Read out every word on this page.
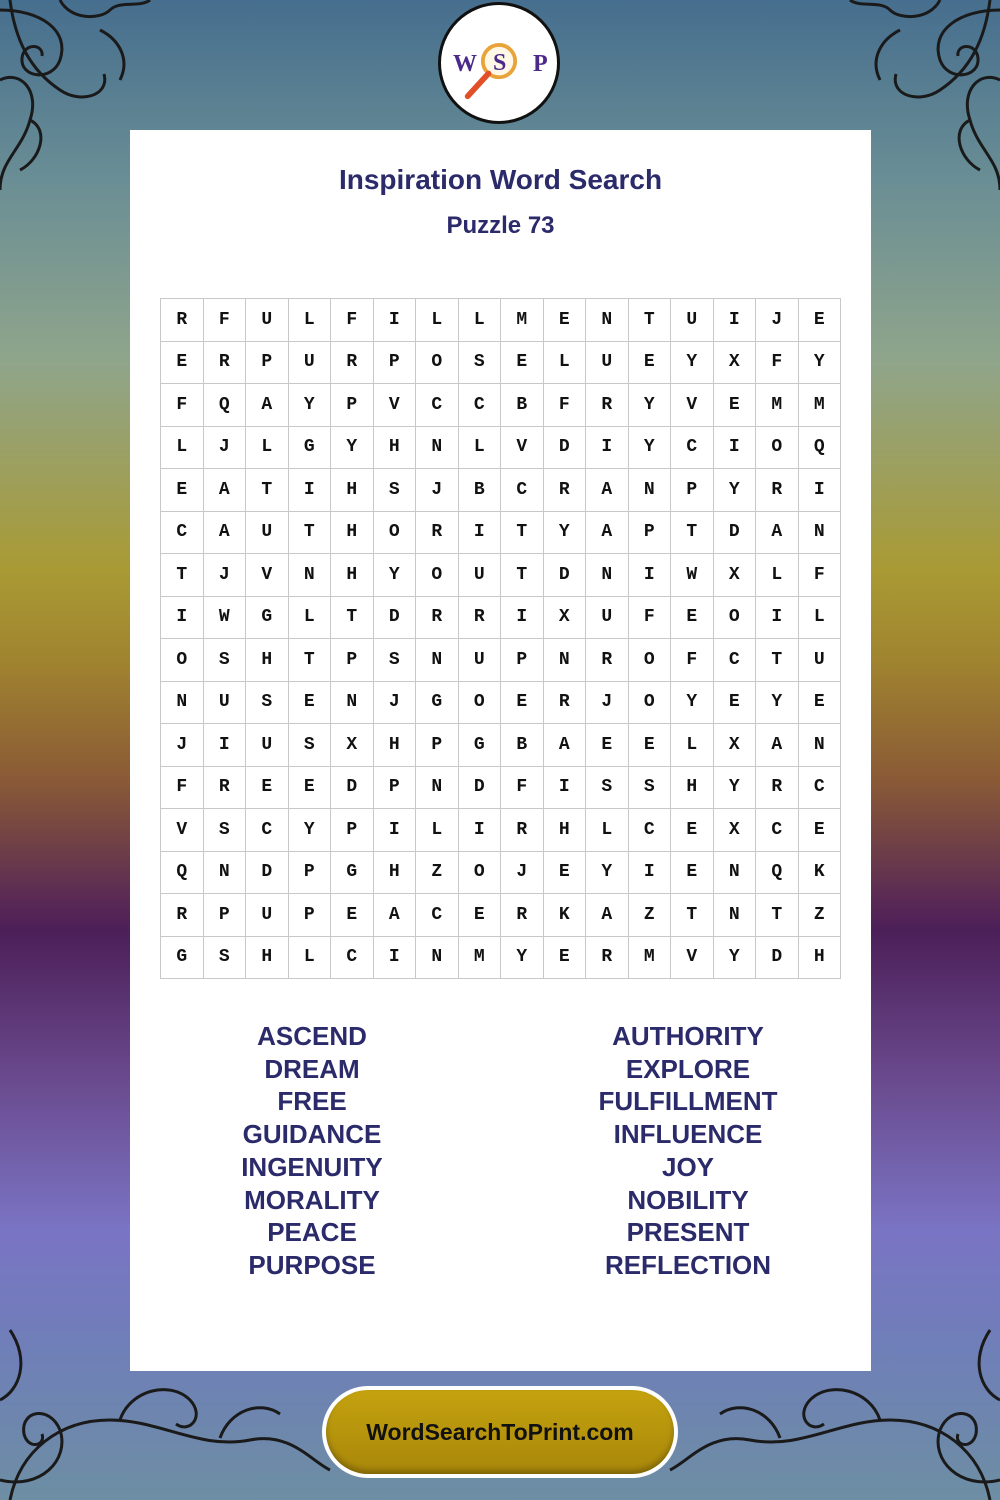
W S P
Inspiration Word Search
Puzzle 73
R	F	U	L	F	I	L	L	M	E	N	T	U	I	J	E
E	R	P	U	R	P	O	S	E	L	U	E	Y	X	F	Y
F	Q	A	Y	P	V	C	C	B	F	R	Y	V	E	M	M
L	J	L	G	Y	H	N	L	V	D	I	Y	C	I	O	Q
E	A	T	I	H	S	J	B	C	R	A	N	P	Y	R	I
C	A	U	T	H	O	R	I	T	Y	A	P	T	D	A	N
T	J	V	N	H	Y	O	U	T	D	N	I	W	X	L	F
I	W	G	L	T	D	R	R	I	X	U	F	E	O	I	L
O	S	H	T	P	S	N	U	P	N	R	O	F	C	T	U
N	U	S	E	N	J	G	O	E	R	J	O	Y	E	Y	E
J	I	U	S	X	H	P	G	B	A	E	E	L	X	A	N
F	R	E	E	D	P	N	D	F	I	S	S	H	Y	R	C
V	S	C	Y	P	I	L	I	R	H	L	C	E	X	C	E
Q	N	D	P	G	H	Z	O	J	E	Y	I	E	N	Q	K
R	P	U	P	E	A	C	E	R	K	A	Z	T	N	T	Z
G	S	H	L	C	I	N	M	Y	E	R	M	V	Y	D	H
ASCEND
DREAM
FREE
GUIDANCE
INGENUITY
MORALITY
PEACE
PURPOSE
AUTHORITY
EXPLORE
FULFILLMENT
INFLUENCE
JOY
NOBILITY
PRESENT
REFLECTION
WordSearchToPrint.com
